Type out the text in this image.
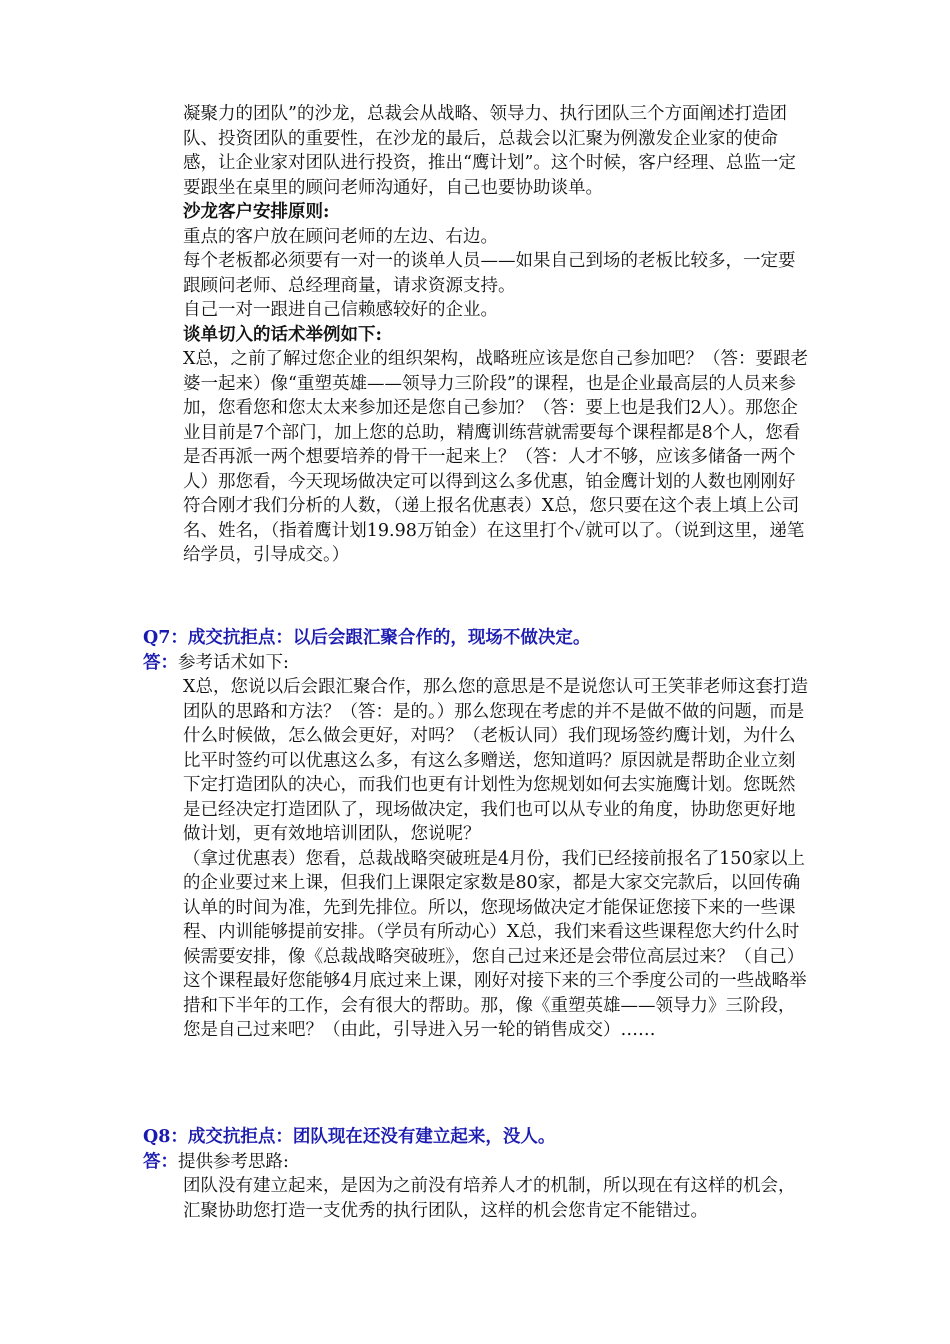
凝聚力的团队”的沙龙，总裁会从战略、领导力、执行团队三个方面阐述打造团队、投资团队的重要性，在沙龙的最后，总裁会以汇聚为例激发企业家的使命感，让企业家对团队进行投资，推出“鹰计划”。这个时候，客户经理、总监一定要跟坐在桌里的顾问老师沟通好，自己也要协助谈单。

沙龙客户安排原则:

重点的客户放在顾问老师的左边、右边。

每个老板都必须要有一对一的谈单人员——如果自己到场的老板比较多，一定要跟顾问老师、总经理商量，请求资源支持。

自己一对一跟进自己信赖感较好的企业。

谈单切入的话术举例如下:

X总，之前了解过您企业的组织架构，战略班应该是您自己参加吧？（答：要跟老婆一起来）像“重塑英雄——领导力三阶段”的课程，也是企业最高层的人员来参加，您看您和您太太来参加还是您自己参加？（答：要上也是我们2人）。那您企业目前是7个部门，加上您的总助，精鹰训练营就需要每个课程都是8个人，您看是否再派一两个想要培养的骨干一起来上？（答：人才不够，应该多储备一两个人）那您看，今天现场做决定可以得到这么多优惠，铂金鹰计划的人数也刚刚好符合刚才我们分析的人数，（递上报名优惠表）X总，您只要在这个表上填上公司名、姓名，（指着鹰计划19.98万铂金）在这里打个✓就可以了。（说到这里，递笔给学员，引导成交。）

Q7：成交抗拒点：以后会跟汇聚合作的，现场不做决定。

答：参考话术如下:

X总，您说以后会跟汇聚合作，那么您的意思是不是说您认可王笑菲老师这套打造团队的思路和方法？（答：是的。）那么您现在考虑的并不是做不做的问题，而是什么时候做，怎么做会更好，对吗？（老板认同）我们现场签约鹰计划，为什么比平时签约可以优惠这么多，有这么多赠送，您知道吗？原因就是帮助企业立刻下定打造团队的决心，而我们也更有计划性为您规划如何去实施鹰计划。您既然是已经决定打造团队了，现场做决定，我们也可以从专业的角度，协助您更好地做计划，更有效地培训团队，您说呢？

（拿过优惠表）您看，总裁战略突破班是4月份，我们已经接前报名了150家以上的企业要过来上课，但我们上课限定家数是80家，都是大家交完款后，以回传确认单的时间为准，先到先排位。所以，您现场做决定才能保证您接下来的一些课程、内训能够提前安排。（学员有所动心）X总，我们来看这些课程您大约什么时候需要安排，像《总裁战略突破班》，您自己过来还是会带位高层过来？（自己）这个课程最好您能够4月底过来上课，刚好对接下来的三个季度公司的一些战略举措和下半年的工作，会有很大的帮助。那，像《重塑英雄——领导力》三阶段，您是自己过来吧？（由此，引导进入另一轮的销售成交）……

Q8：成交抗拒点：团队现在还没有建立起来，没人。

答：提供参考思路:

团队没有建立起来，是因为之前没有培养人才的机制，所以现在有这样的机会，汇聚协助您打造一支优秀的执行团队，这样的机会您肯定不能错过。
